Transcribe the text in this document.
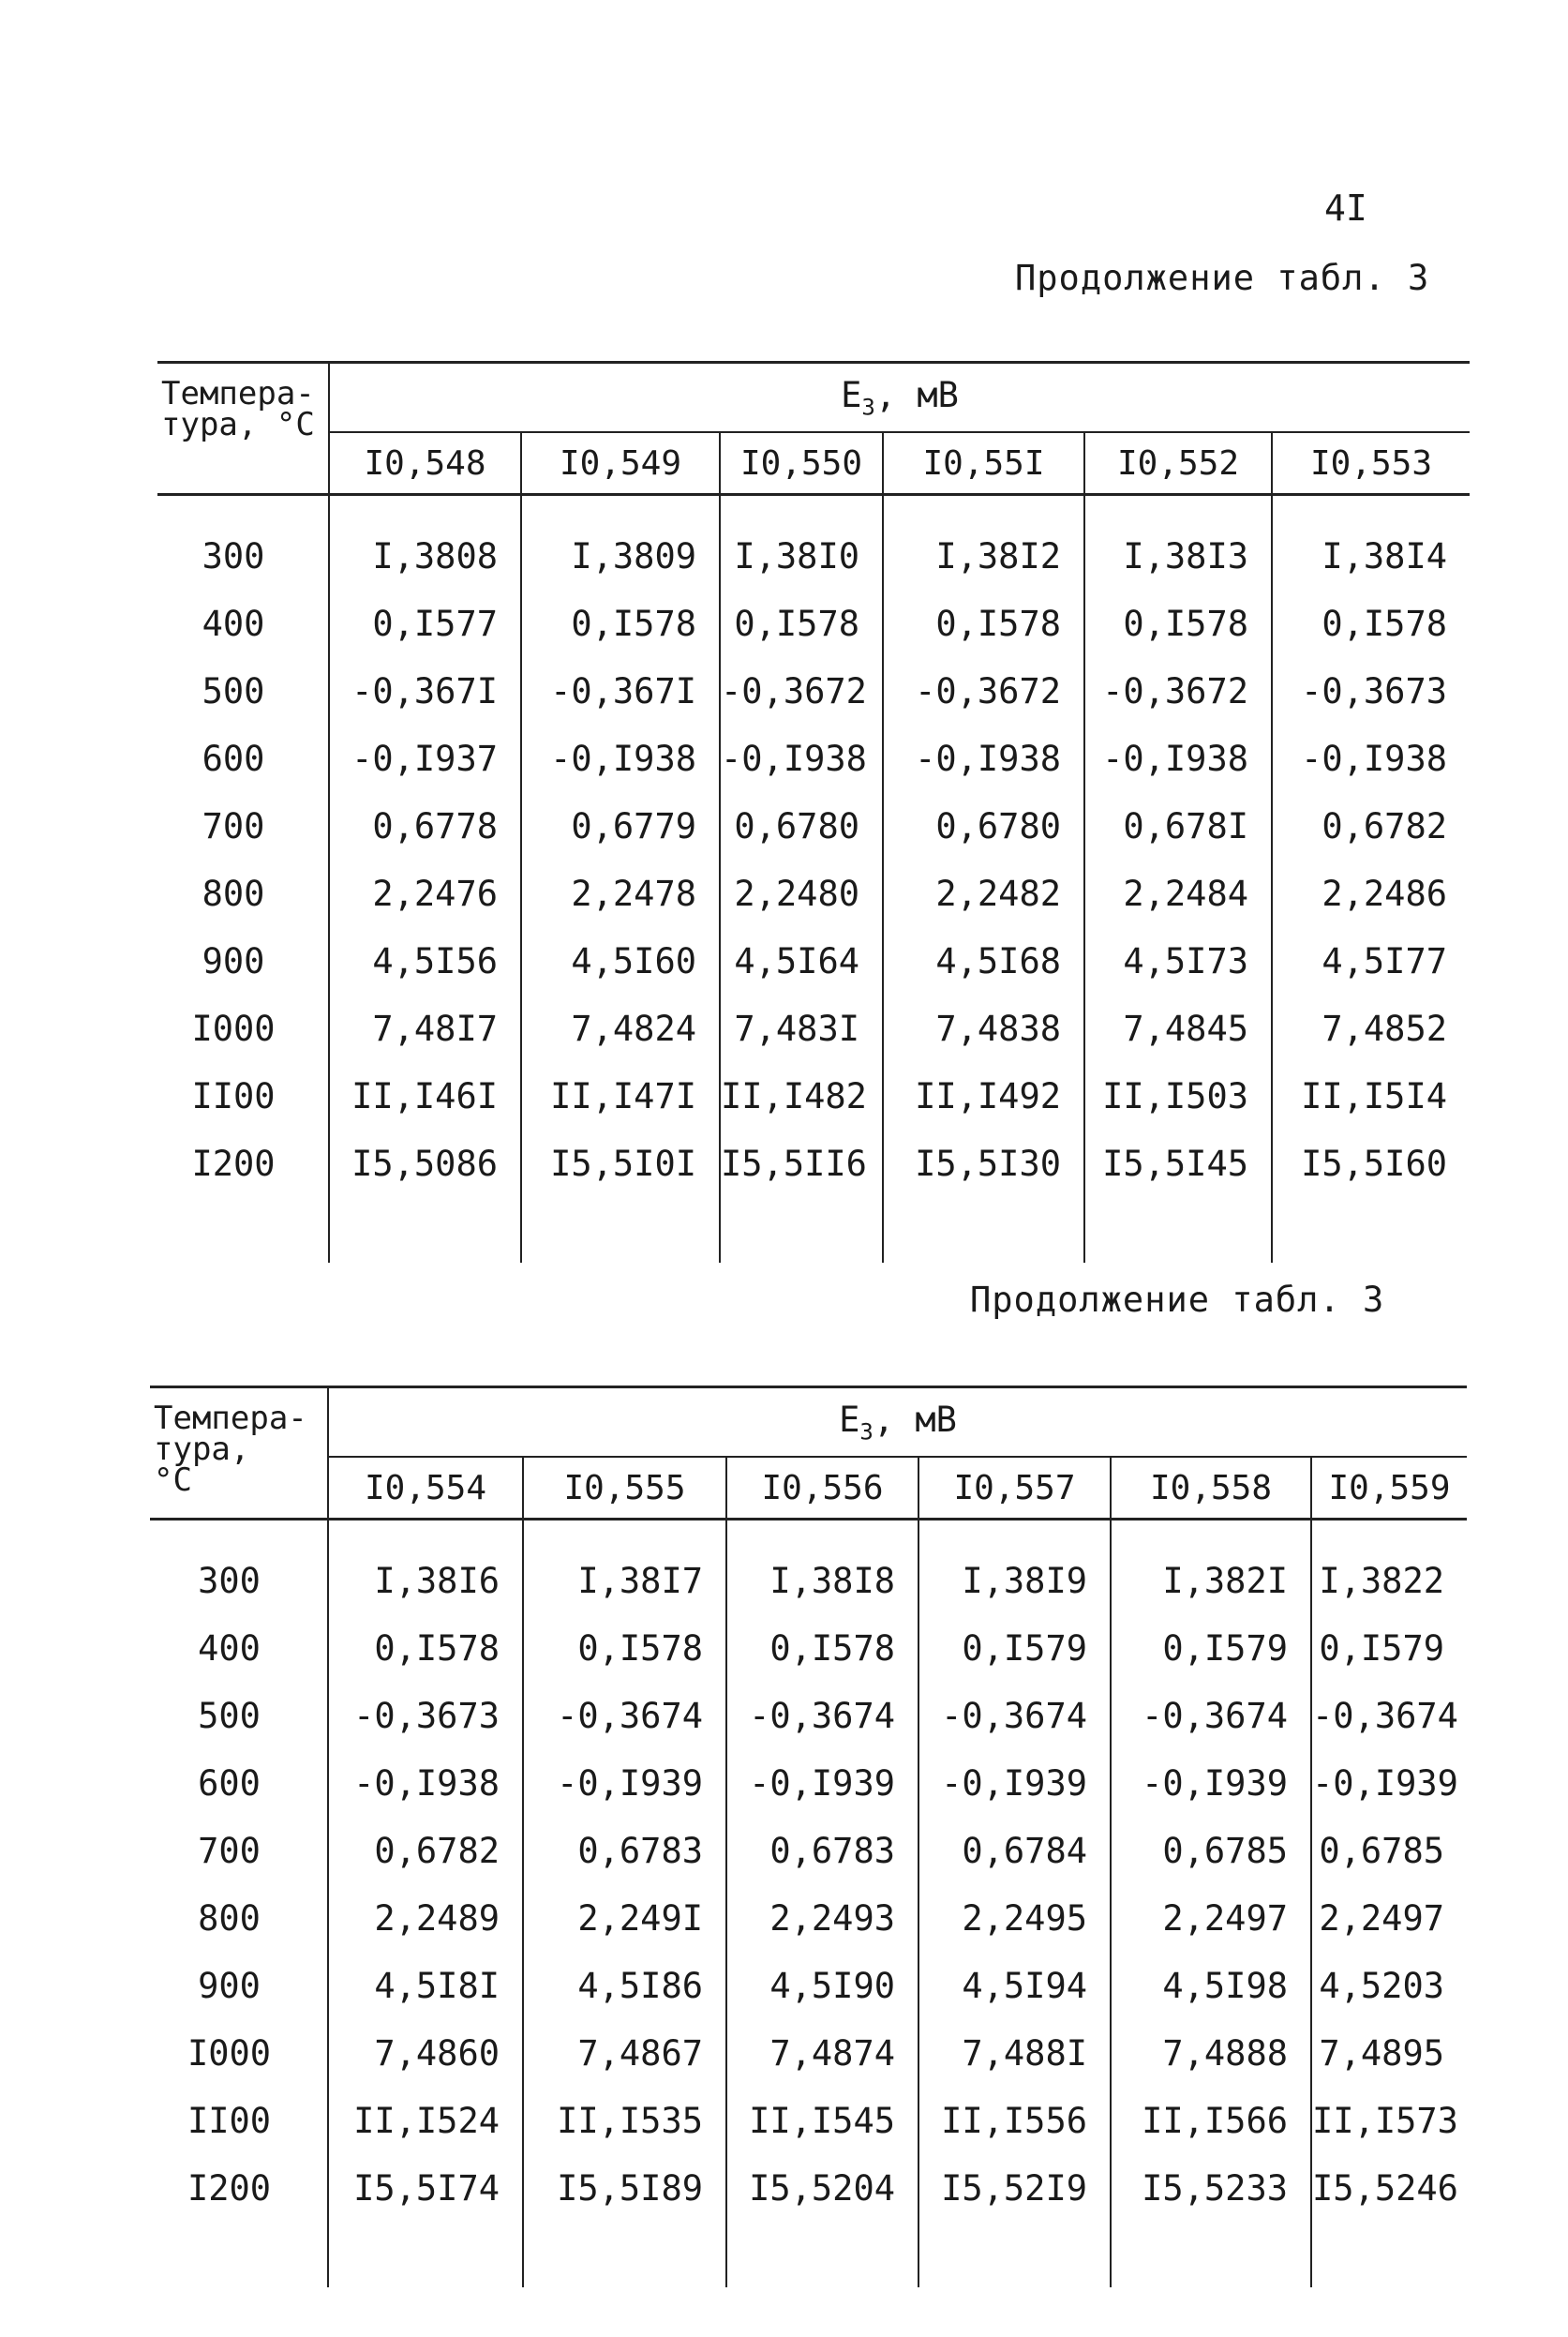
4I
Продолжение табл. 3
Темпера-
тура, °С	$E_3$, мВ					
	I0,548	I0,549	I0,550	I0,55I	I0,552	I0,553

300	I,3808	I,3809	I,38I0	I,38I2	I,38I3	I,38I4
400	0,I577	0,I578	0,I578	0,I578	0,I578	0,I578
500	-0,367I	-0,367I	-0,3672	-0,3672	-0,3672	-0,3673
600	-0,I937	-0,I938	-0,I938	-0,I938	-0,I938	-0,I938
700	0,6778	0,6779	0,6780	0,6780	0,678I	0,6782
800	2,2476	2,2478	2,2480	2,2482	2,2484	2,2486
900	4,5I56	4,5I60	4,5I64	4,5I68	4,5I73	4,5I77
I000	7,48I7	7,4824	7,483I	7,4838	7,4845	7,4852
II00	II,I46I	II,I47I	II,I482	II,I492	II,I503	II,I5I4
I200	I5,5086	I5,5I0I	I5,5II6	I5,5I30	I5,5I45	I5,5I60

Продолжение табл. 3
Темпера-
тура,
°С	$E_3$, мВ					
	I0,554	I0,555	I0,556	I0,557	I0,558	I0,559

300	I,38I6	I,38I7	I,38I8	I,38I9	I,382I	I,3822
400	0,I578	0,I578	0,I578	0,I579	0,I579	0,I579
500	-0,3673	-0,3674	-0,3674	-0,3674	-0,3674	-0,3674
600	-0,I938	-0,I939	-0,I939	-0,I939	-0,I939	-0,I939
700	0,6782	0,6783	0,6783	0,6784	0,6785	0,6785
800	2,2489	2,249I	2,2493	2,2495	2,2497	2,2497
900	4,5I8I	4,5I86	4,5I90	4,5I94	4,5I98	4,5203
I000	7,4860	7,4867	7,4874	7,488I	7,4888	7,4895
II00	II,I524	II,I535	II,I545	II,I556	II,I566	II,I573
I200	I5,5I74	I5,5I89	I5,5204	I5,52I9	I5,5233	I5,5246
